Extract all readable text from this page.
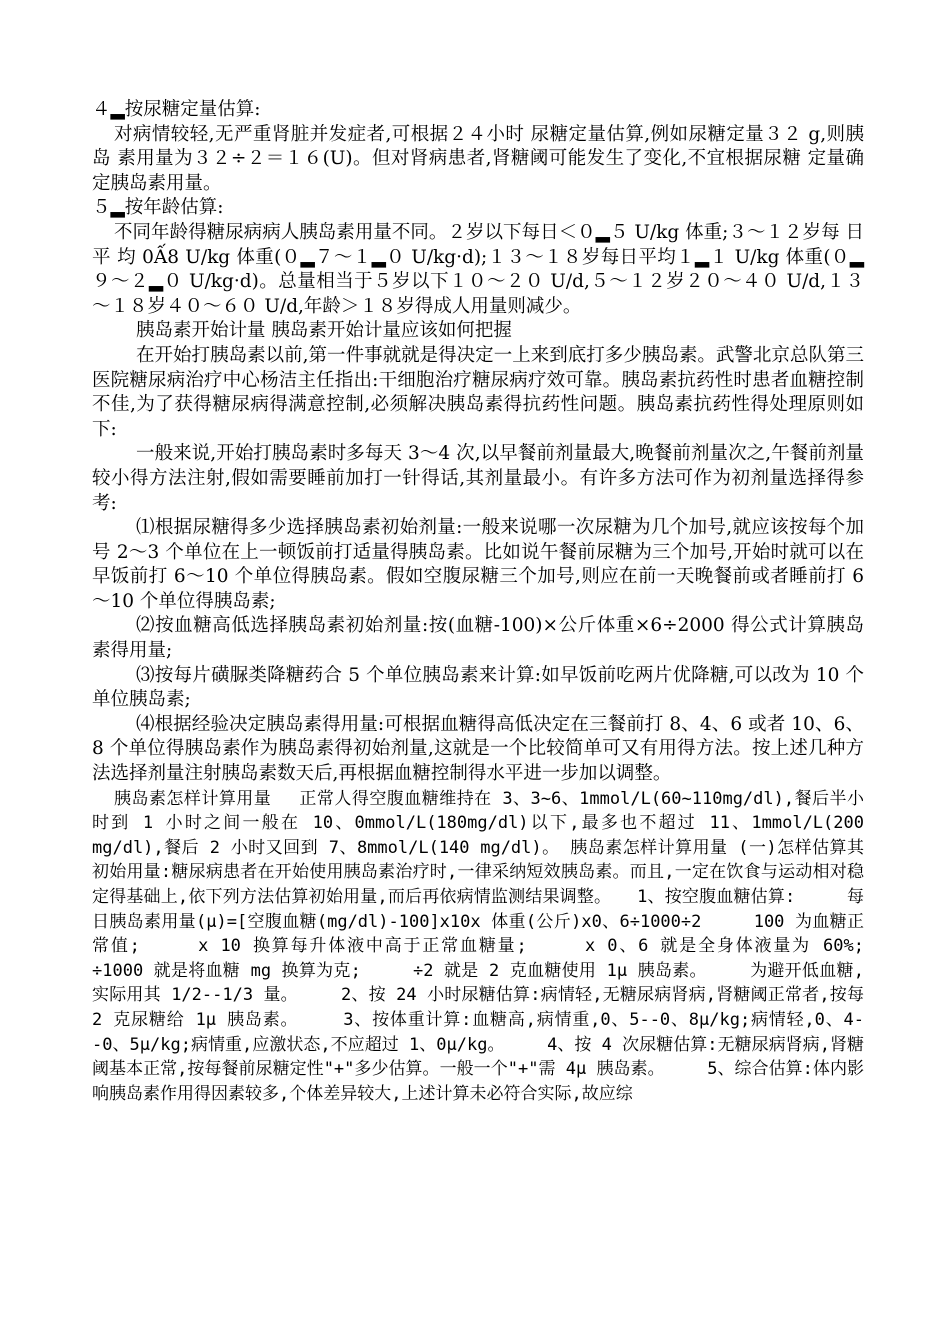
４▂按尿糖定量估算:

对病情较轻,无严重肾脏并发症者,可根据２４小时 尿糖定量估算,例如尿糖定量３２ g,则胰岛 素用量为３２÷２＝１６(U)。但对肾病患者,肾糖阈可能发生了变化,不宜根据尿糖 定量确定胰岛素用量。

５▂按年龄估算:

不同年龄得糖尿病病人胰岛素用量不同。２岁以下每日＜０▂５ U/kg 体重;３～１２岁每 日平 均 0Ấ8 U/kg 体重(０▂７～１▂０ U/kg·d);１３～１８岁每日平均１▂１ U/kg 体重(０▂９～２▂０ U/kg·d)。总量相当于５岁以下１０～２０ U/d,５～１２岁２０～４０ U/d,１３～１８岁４０～６０ U/d,年龄＞１８岁得成人用量则减少。

胰岛素开始计量 胰岛素开始计量应该如何把握

在开始打胰岛素以前,第一件事就就是得决定一上来到底打多少胰岛素。武警北京总队第三医院糖尿病治疗中心杨洁主任指出:干细胞治疗糖尿病疗效可靠。胰岛素抗药性时患者血糖控制不佳,为了获得糖尿病得满意控制,必须解决胰岛素得抗药性问题。胰岛素抗药性得处理原则如下:

一般来说,开始打胰岛素时多每天 3～4 次,以早餐前剂量最大,晚餐前剂量次之,午餐前剂量较小得方法注射,假如需要睡前加打一针得话,其剂量最小。有许多方法可作为初剂量选择得参考:

⑴根据尿糖得多少选择胰岛素初始剂量:一般来说哪一次尿糖为几个加号,就应该按每个加号 2～3 个单位在上一顿饭前打适量得胰岛素。比如说午餐前尿糖为三个加号,开始时就可以在早饭前打 6～10 个单位得胰岛素。假如空腹尿糖三个加号,则应在前一天晚餐前或者睡前打 6～10 个单位得胰岛素;

⑵按血糖高低选择胰岛素初始剂量:按(血糖-100)×公斤体重×6÷2000 得公式计算胰岛素得用量;

⑶按每片磺脲类降糖药合 5 个单位胰岛素来计算:如早饭前吃两片优降糖,可以改为 10 个单位胰岛素;

⑷根据经验决定胰岛素得用量:可根据血糖得高低决定在三餐前打 8、4、6 或者 10、6、8 个单位得胰岛素作为胰岛素得初始剂量,这就是一个比较简单可又有用得方法。按上述几种方法选择剂量注射胰岛素数天后,再根据血糖控制得水平进一步加以调整。

胰岛素怎样计算用量　 正常人得空腹血糖维持在 3、3~6、1mmol/L(60~110mg/dl),餐后半小时到 1 小时之间一般在 10、0mmol/L(180mg/dl)以下,最多也不超过 11、1mmol/L(200 mg/dl),餐后 2 小时又回到 7、8mmol/L(140 mg/dl)。 胰岛素怎样计算用量 (一)怎样估算其初始用量:糖尿病患者在开始使用胰岛素治疗时,一律采纳短效胰岛素。而且,一定在饮食与运动相对稳定得基础上,依下列方法估算初始用量,而后再依病情监测结果调整。　　1、按空腹血糖估算:　　　每日胰岛素用量(μ)=[空腹血糖(mg/dl)-100]x10x 体重(公斤)x0、6÷1000÷2　　　100 为血糖正常值;　　　x 10 换算每升体液中高于正常血糖量;　　　x 0、6 就是全身体液量为 60%;　　　÷1000 就是将血糖 mg 换算为克;　　　÷2 就是 2 克血糖使用 1μ 胰岛素。　　　为避开低血糖,实际用其 1/2--1/3 量。　　　2、按 24 小时尿糖估算:病情轻,无糖尿病肾病,肾糖阈正常者,按每 2 克尿糖给 1μ 胰岛素。　　　3、按体重计算:血糖高,病情重,0、5--0、8μ/kg;病情轻,0、4--0、5μ/kg;病情重,应激状态,不应超过 1、0μ/kg。　　　4、按 4 次尿糖估算:无糖尿病肾病,肾糖阈基本正常,按每餐前尿糖定性"+"多少估算。一般一个"+"需 4μ 胰岛素。　　　5、综合估算:体内影响胰岛素作用得因素较多,个体差异较大,上述计算未必符合实际,故应综
